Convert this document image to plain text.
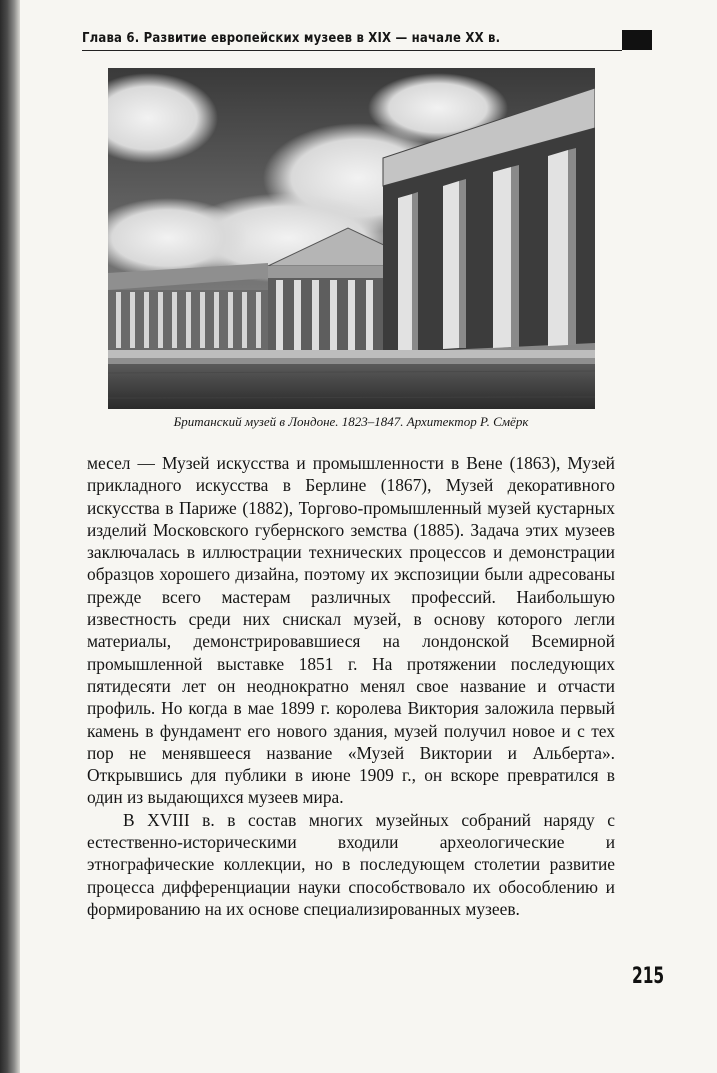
Глава 6. Развитие европейских музеев в XIX — начале XX в.
Британский музей в Лондоне. 1823–1847. Архитектор Р. Смёрк

месел — Музей искусства и промышленности в Вене (1863), Музей прикладного искусства в Берлине (1867), Музей декоративного искусства в Париже (1882), Торгово-промышленный музей кустарных изделий Московского губернского земства (1885). Задача этих музеев заключалась в иллюстрации технических процессов и демонстрации образцов хорошего дизайна, поэтому их экспозиции были адресованы прежде всего мастерам различных профессий. Наибольшую известность среди них снискал музей, в основу которого легли материалы, демонстрировавшиеся на лондонской Всемирной промышленной выставке 1851 г. На протяжении последующих пятидесяти лет он неоднократно менял свое название и отчасти профиль. Но когда в мае 1899 г. королева Виктория заложила первый камень в фундамент его нового здания, музей получил новое и с тех пор не менявшееся название «Музей Виктории и Альберта». Открывшись для публики в июне 1909 г., он вскоре превратился в один из выдающихся музеев мира.

В XVIII в. в состав многих музейных собраний наряду с естественно-историческими входили археологические и этнографические коллекции, но в последующем столетии развитие процесса дифференциации науки способствовало их обособлению и формированию на их основе специализированных музеев.

215
